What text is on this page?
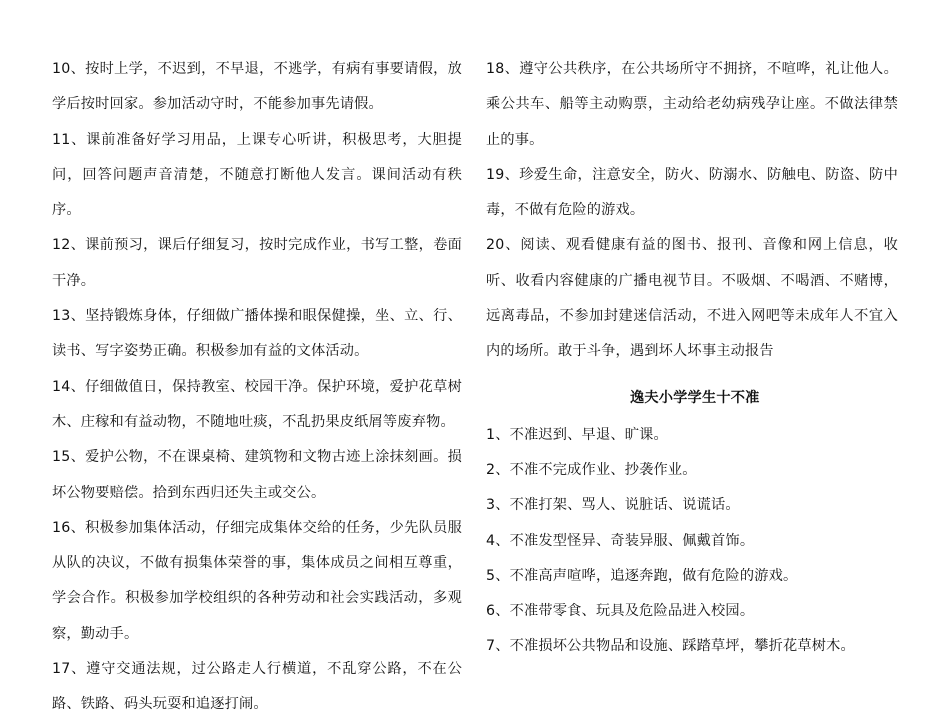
10、按时上学，不迟到，不早退，不逃学，有病有事要请假，放学后按时回家。参加活动守时，不能参加事先请假。

11、课前准备好学习用品，上课专心听讲，积极思考，大胆提问，回答问题声音清楚，不随意打断他人发言。课间活动有秩序。

12、课前预习，课后仔细复习，按时完成作业，书写工整，卷面干净。

13、坚持锻炼身体，仔细做广播体操和眼保健操，坐、立、行、读书、写字姿势正确。积极参加有益的文体活动。

14、仔细做值日，保持教室、校园干净。保护环境，爱护花草树木、庄稼和有益动物，不随地吐痰，不乱扔果皮纸屑等废弃物。

15、爱护公物，不在课桌椅、建筑物和文物古迹上涂抹刻画。损坏公物要赔偿。拾到东西归还失主或交公。

16、积极参加集体活动，仔细完成集体交给的任务，少先队员服从队的决议，不做有损集体荣誉的事，集体成员之间相互尊重，学会合作。积极参加学校组织的各种劳动和社会实践活动，多观察，勤动手。

17、遵守交通法规，过公路走人行横道，不乱穿公路，不在公路、铁路、码头玩耍和追逐打闹。

18、遵守公共秩序，在公共场所守不拥挤，不喧哗，礼让他人。乘公共车、船等主动购票，主动给老幼病残孕让座。不做法律禁止的事。

19、珍爱生命，注意安全，防火、防溺水、防触电、防盗、防中毒，不做有危险的游戏。

20、阅读、观看健康有益的图书、报刊、音像和网上信息，收听、收看内容健康的广播电视节目。不吸烟、不喝酒、不赌博，远离毒品，不参加封建迷信活动，不进入网吧等未成年人不宜入内的场所。敢于斗争，遇到坏人坏事主动报告

逸夫小学学生十不准

1、不准迟到、早退、旷课。

2、不准不完成作业、抄袭作业。

3、不准打架、骂人、说脏话、说谎话。

4、不准发型怪异、奇装异服、佩戴首饰。

5、不准高声喧哗，追逐奔跑，做有危险的游戏。

6、不准带零食、玩具及危险品进入校园。

7、不准损坏公共物品和设施、踩踏草坪，攀折花草树木。
